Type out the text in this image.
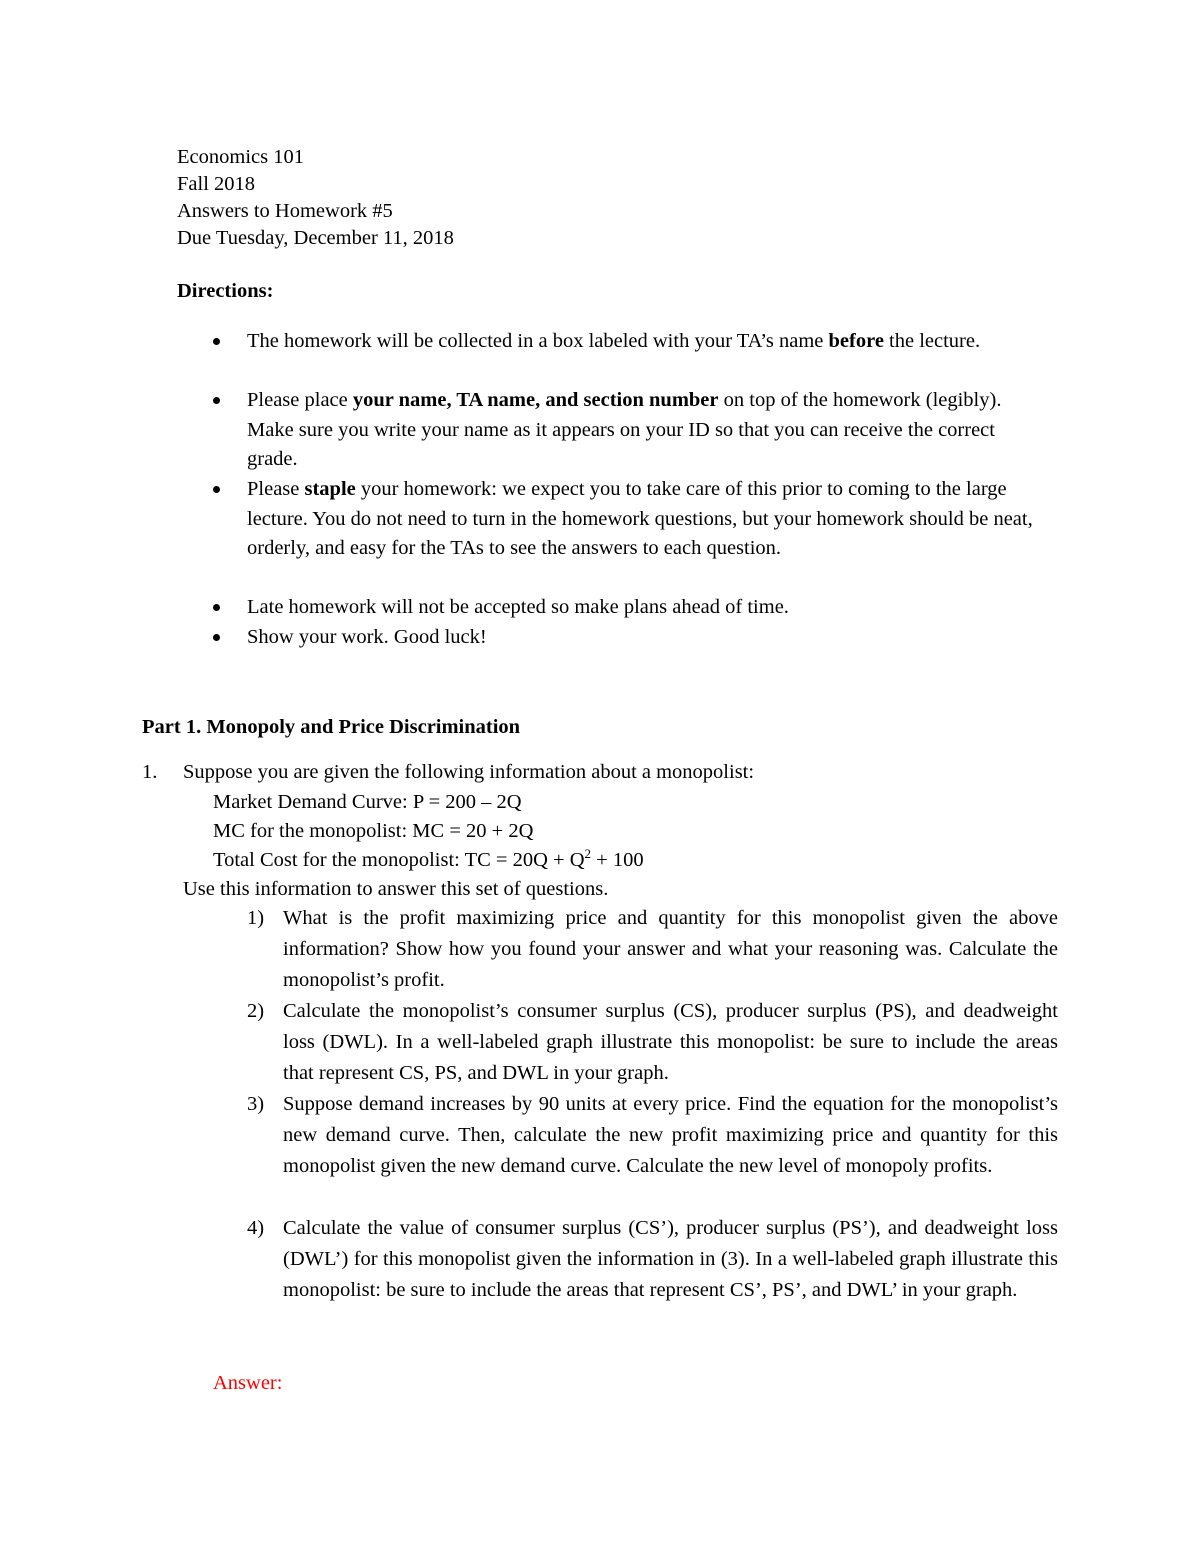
Economics 101
Fall 2018
Answers to Homework #5
Due Tuesday, December 11, 2018
Directions:
The homework will be collected in a box labeled with your TA’s name before the lecture.
Please place your name, TA name, and section number on top of the homework (legibly). Make sure you write your name as it appears on your ID so that you can receive the correct grade.
Please staple your homework: we expect you to take care of this prior to coming to the large lecture. You do not need to turn in the homework questions, but your homework should be neat, orderly, and easy for the TAs to see the answers to each question.
Late homework will not be accepted so make plans ahead of time.
Show your work. Good luck!
Part 1. Monopoly and Price Discrimination
1. Suppose you are given the following information about a monopolist:
Market Demand Curve: P = 200 – 2Q
MC for the monopolist: MC = 20 + 2Q
Total Cost for the monopolist: TC = $20Q + Q^2 + 100$
Use this information to answer this set of questions.
1) What is the profit maximizing price and quantity for this monopolist given the above information? Show how you found your answer and what your reasoning was. Calculate the monopolist’s profit.
2) Calculate the monopolist’s consumer surplus (CS), producer surplus (PS), and deadweight loss (DWL). In a well-labeled graph illustrate this monopolist: be sure to include the areas that represent CS, PS, and DWL in your graph.
3) Suppose demand increases by 90 units at every price. Find the equation for the monopolist’s new demand curve. Then, calculate the new profit maximizing price and quantity for this monopolist given the new demand curve. Calculate the new level of monopoly profits.
4) Calculate the value of consumer surplus (CS’), producer surplus (PS’), and deadweight loss (DWL’) for this monopolist given the information in (3). In a well-labeled graph illustrate this monopolist: be sure to include the areas that represent CS’, PS’, and DWL’ in your graph.
Answer:
